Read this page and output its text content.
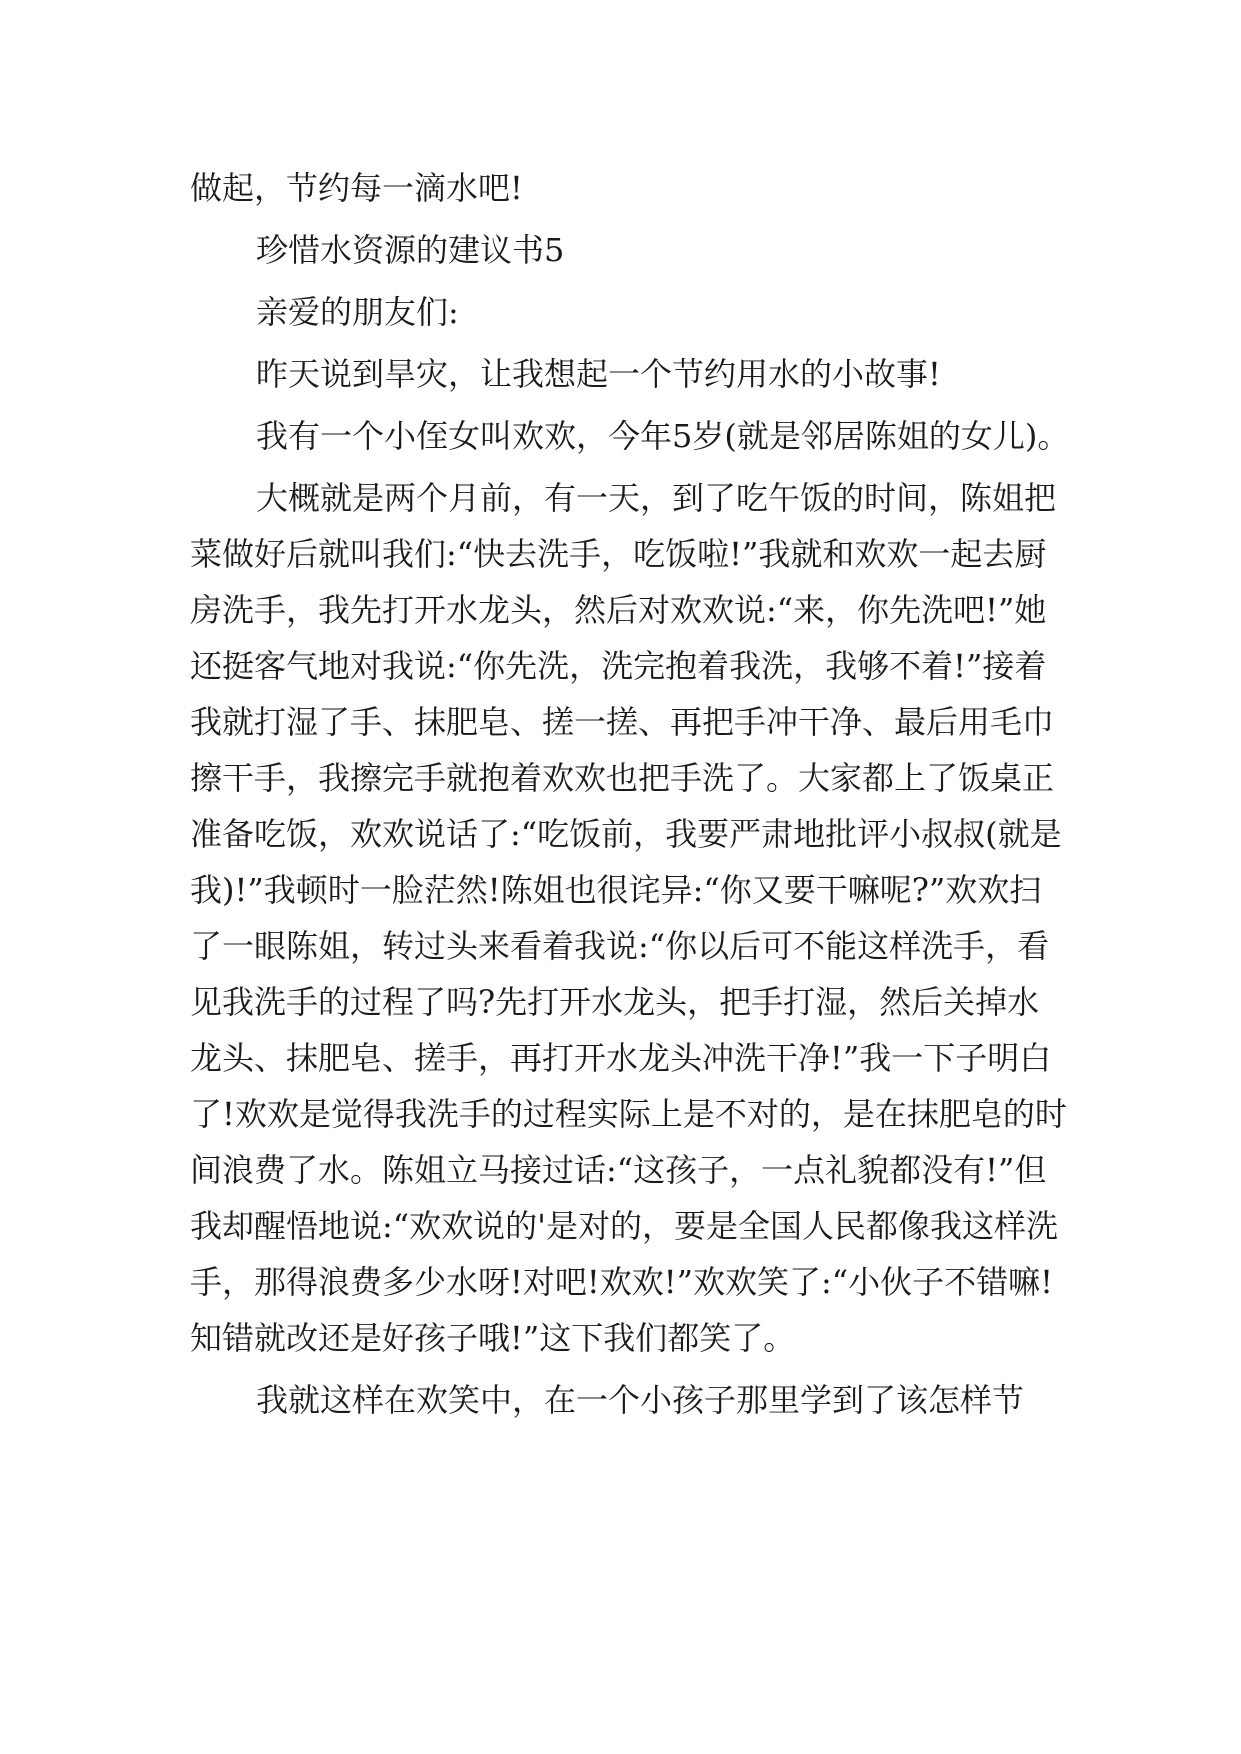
做起，节约每一滴水吧!

珍惜水资源的建议书5

亲爱的朋友们:

昨天说到旱灾，让我想起一个节约用水的小故事!

我有一个小侄女叫欢欢，今年5岁(就是邻居陈姐的女儿)。

大概就是两个月前，有一天，到了吃午饭的时间，陈姐把菜做好后就叫我们:“快去洗手，吃饭啦!”我就和欢欢一起去厨房洗手，我先打开水龙头，然后对欢欢说:“来，你先洗吧!”她还挺客气地对我说:“你先洗，洗完抱着我洗，我够不着!”接着我就打湿了手、抹肥皂、搓一搓、再把手冲干净、最后用毛巾擦干手，我擦完手就抱着欢欢也把手洗了。大家都上了饭桌正准备吃饭，欢欢说话了:“吃饭前，我要严肃地批评小叔叔(就是我)!”我顿时一脸茫然!陈姐也很诧异:“你又要干嘛呢?”欢欢扫了一眼陈姐，转过头来看着我说:“你以后可不能这样洗手，看见我洗手的过程了吗?先打开水龙头，把手打湿，然后关掉水龙头、抹肥皂、搓手，再打开水龙头冲洗干净!”我一下子明白了!欢欢是觉得我洗手的过程实际上是不对的，是在抹肥皂的时间浪费了水。陈姐立马接过话:“这孩子，一点礼貌都没有!”但我却醒悟地说:“欢欢说的'是对的，要是全国人民都像我这样洗手，那得浪费多少水呀!对吧!欢欢!”欢欢笑了:“小伙子不错嘛!知错就改还是好孩子哦!”这下我们都笑了。

我就这样在欢笑中，在一个小孩子那里学到了该怎样节
